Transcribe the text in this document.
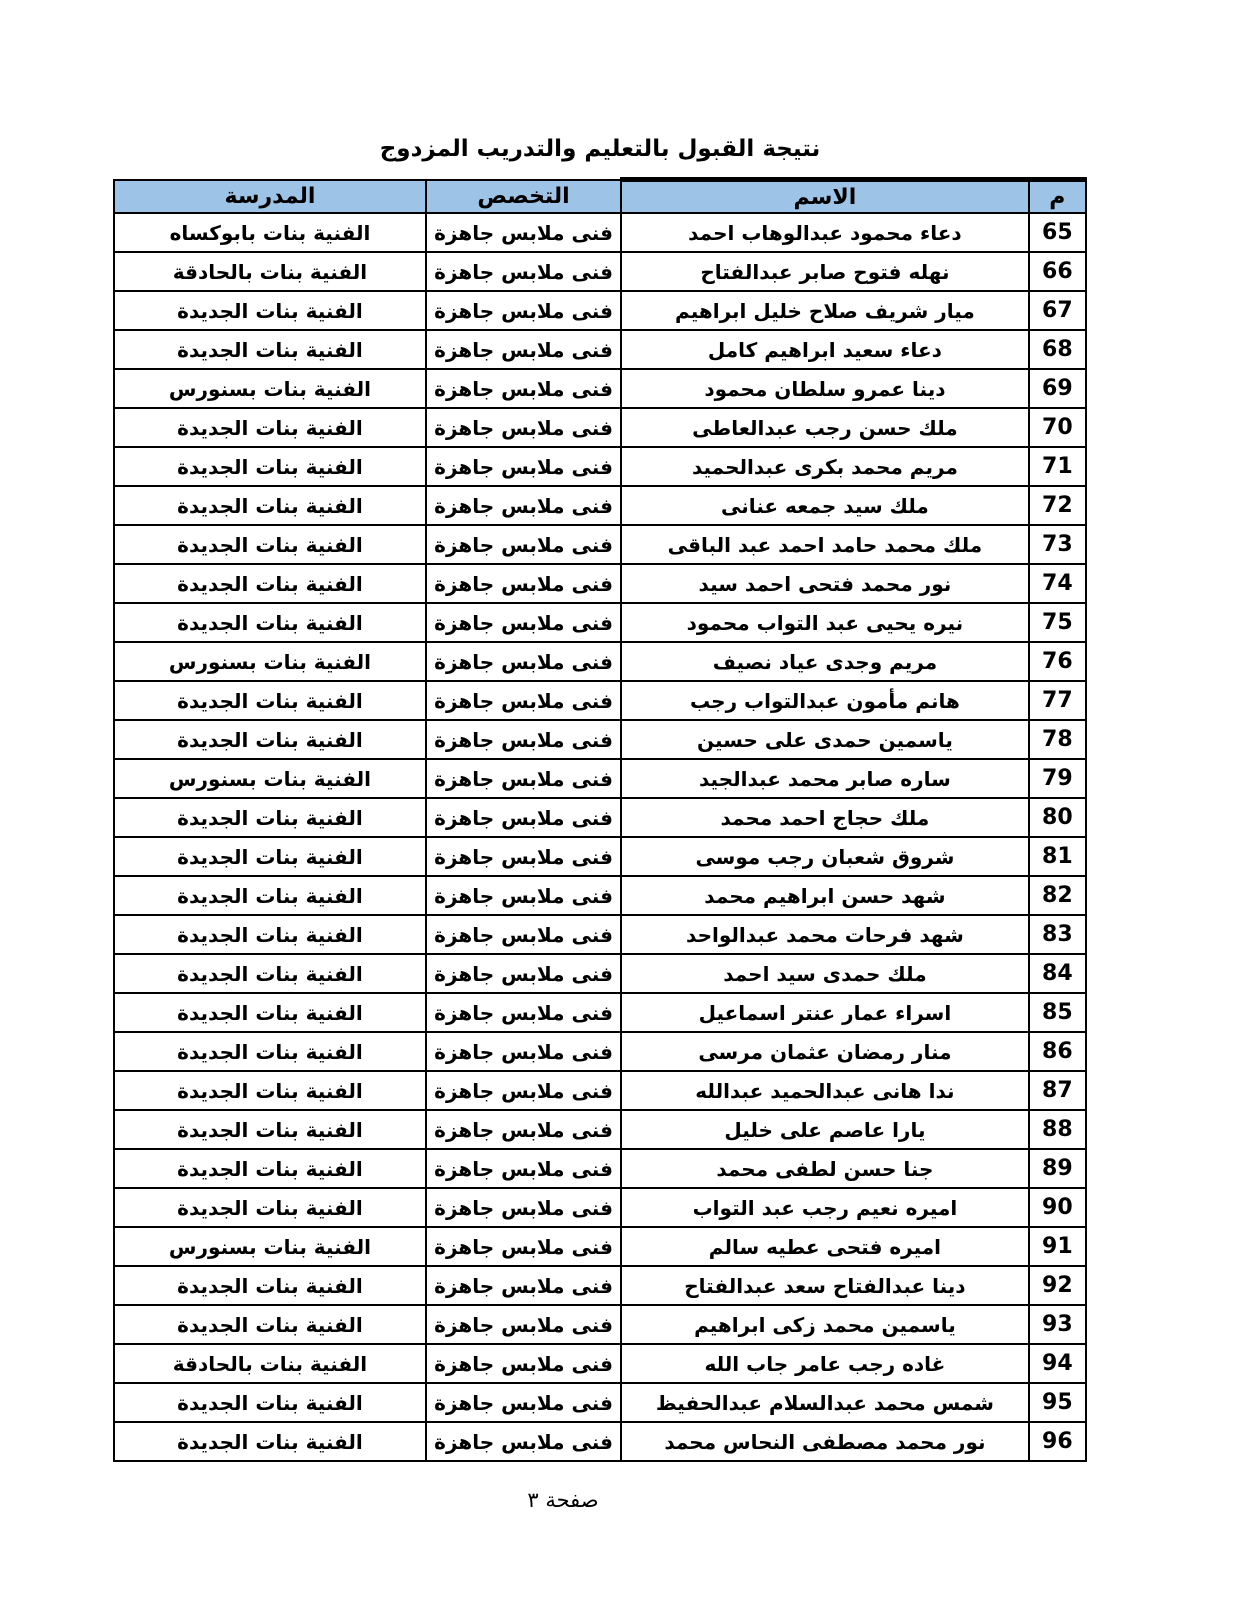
نتيجة القبول بالتعليم والتدريب المزدوج
م	الاسم	التخصص	المدرسة
65	دعاء محمود عبدالوهاب احمد	فنى ملابس جاهزة	الفنية بنات بابوكساه
66	نهله فتوح صابر عبدالفتاح	فنى ملابس جاهزة	الفنية بنات بالحادقة
67	ميار شريف صلاح خليل ابراهيم	فنى ملابس جاهزة	الفنية بنات الجديدة
68	دعاء سعيد ابراهيم كامل	فنى ملابس جاهزة	الفنية بنات الجديدة
69	دينا عمرو سلطان محمود	فنى ملابس جاهزة	الفنية بنات بسنورس
70	ملك حسن رجب عبدالعاطى	فنى ملابس جاهزة	الفنية بنات الجديدة
71	مريم محمد بكرى عبدالحميد	فنى ملابس جاهزة	الفنية بنات الجديدة
72	ملك سيد جمعه عنانى	فنى ملابس جاهزة	الفنية بنات الجديدة
73	ملك محمد حامد احمد عبد الباقى	فنى ملابس جاهزة	الفنية بنات الجديدة
74	نور محمد فتحى احمد سيد	فنى ملابس جاهزة	الفنية بنات الجديدة
75	نيره يحيى عبد التواب محمود	فنى ملابس جاهزة	الفنية بنات الجديدة
76	مريم وجدى عياد نصيف	فنى ملابس جاهزة	الفنية بنات بسنورس
77	هانم مأمون عبدالتواب رجب	فنى ملابس جاهزة	الفنية بنات الجديدة
78	ياسمين حمدى على حسين	فنى ملابس جاهزة	الفنية بنات الجديدة
79	ساره صابر محمد عبدالجيد	فنى ملابس جاهزة	الفنية بنات بسنورس
80	ملك حجاج احمد محمد	فنى ملابس جاهزة	الفنية بنات الجديدة
81	شروق شعبان رجب موسى	فنى ملابس جاهزة	الفنية بنات الجديدة
82	شهد حسن ابراهيم محمد	فنى ملابس جاهزة	الفنية بنات الجديدة
83	شهد فرحات محمد عبدالواحد	فنى ملابس جاهزة	الفنية بنات الجديدة
84	ملك حمدى سيد احمد	فنى ملابس جاهزة	الفنية بنات الجديدة
85	اسراء عمار عنتر اسماعيل	فنى ملابس جاهزة	الفنية بنات الجديدة
86	منار رمضان عثمان مرسى	فنى ملابس جاهزة	الفنية بنات الجديدة
87	ندا هانى عبدالحميد عبدالله	فنى ملابس جاهزة	الفنية بنات الجديدة
88	يارا عاصم على خليل	فنى ملابس جاهزة	الفنية بنات الجديدة
89	جنا حسن لطفى محمد	فنى ملابس جاهزة	الفنية بنات الجديدة
90	اميره نعيم رجب عبد التواب	فنى ملابس جاهزة	الفنية بنات الجديدة
91	اميره فتحى عطيه سالم	فنى ملابس جاهزة	الفنية بنات بسنورس
92	دينا عبدالفتاح سعد عبدالفتاح	فنى ملابس جاهزة	الفنية بنات الجديدة
93	ياسمين محمد زكى ابراهيم	فنى ملابس جاهزة	الفنية بنات الجديدة
94	غاده رجب عامر جاب الله	فنى ملابس جاهزة	الفنية بنات بالحادقة
95	شمس محمد عبدالسلام عبدالحفيظ	فنى ملابس جاهزة	الفنية بنات الجديدة
96	نور محمد مصطفى النحاس محمد	فنى ملابس جاهزة	الفنية بنات الجديدة
صفحة ٣
